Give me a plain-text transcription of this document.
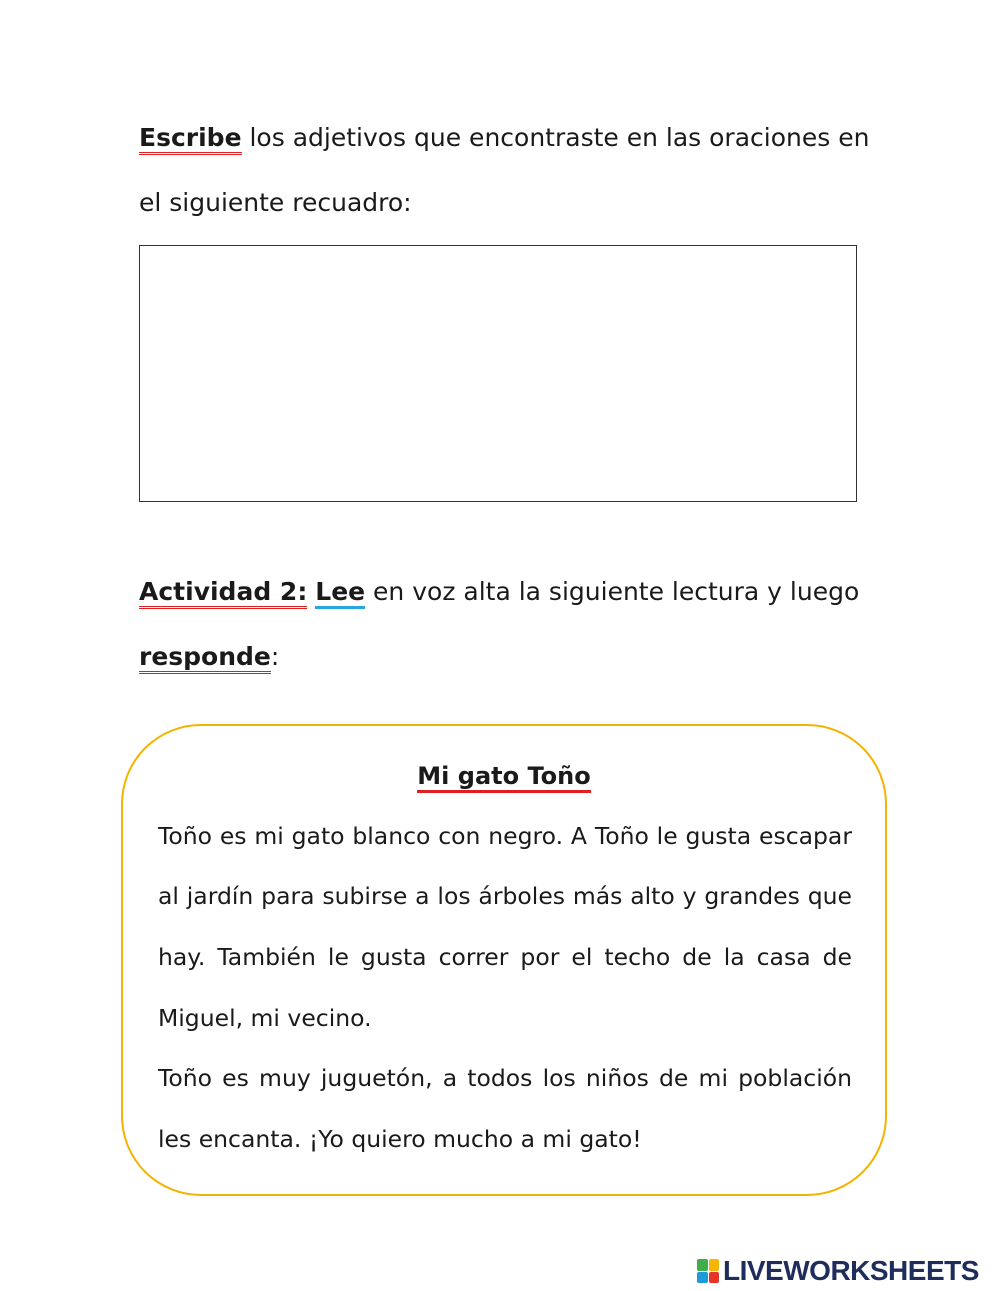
Escribe los adjetivos que encontraste en las oraciones en
el siguiente recuadro:
Actividad 2: Lee en voz alta la siguiente lectura y luego
responde:
Mi gato Toño
Toño es mi gato blanco con negro. A Toño le gusta escapar
al jardín para subirse a los árboles más alto y grandes que
hay. También le gusta correr por el techo de la casa de
Miguel, mi vecino.
Toño es muy juguetón, a todos los niños de mi población
les encanta. ¡Yo quiero mucho a mi gato!
LIVEWORKSHEETS
